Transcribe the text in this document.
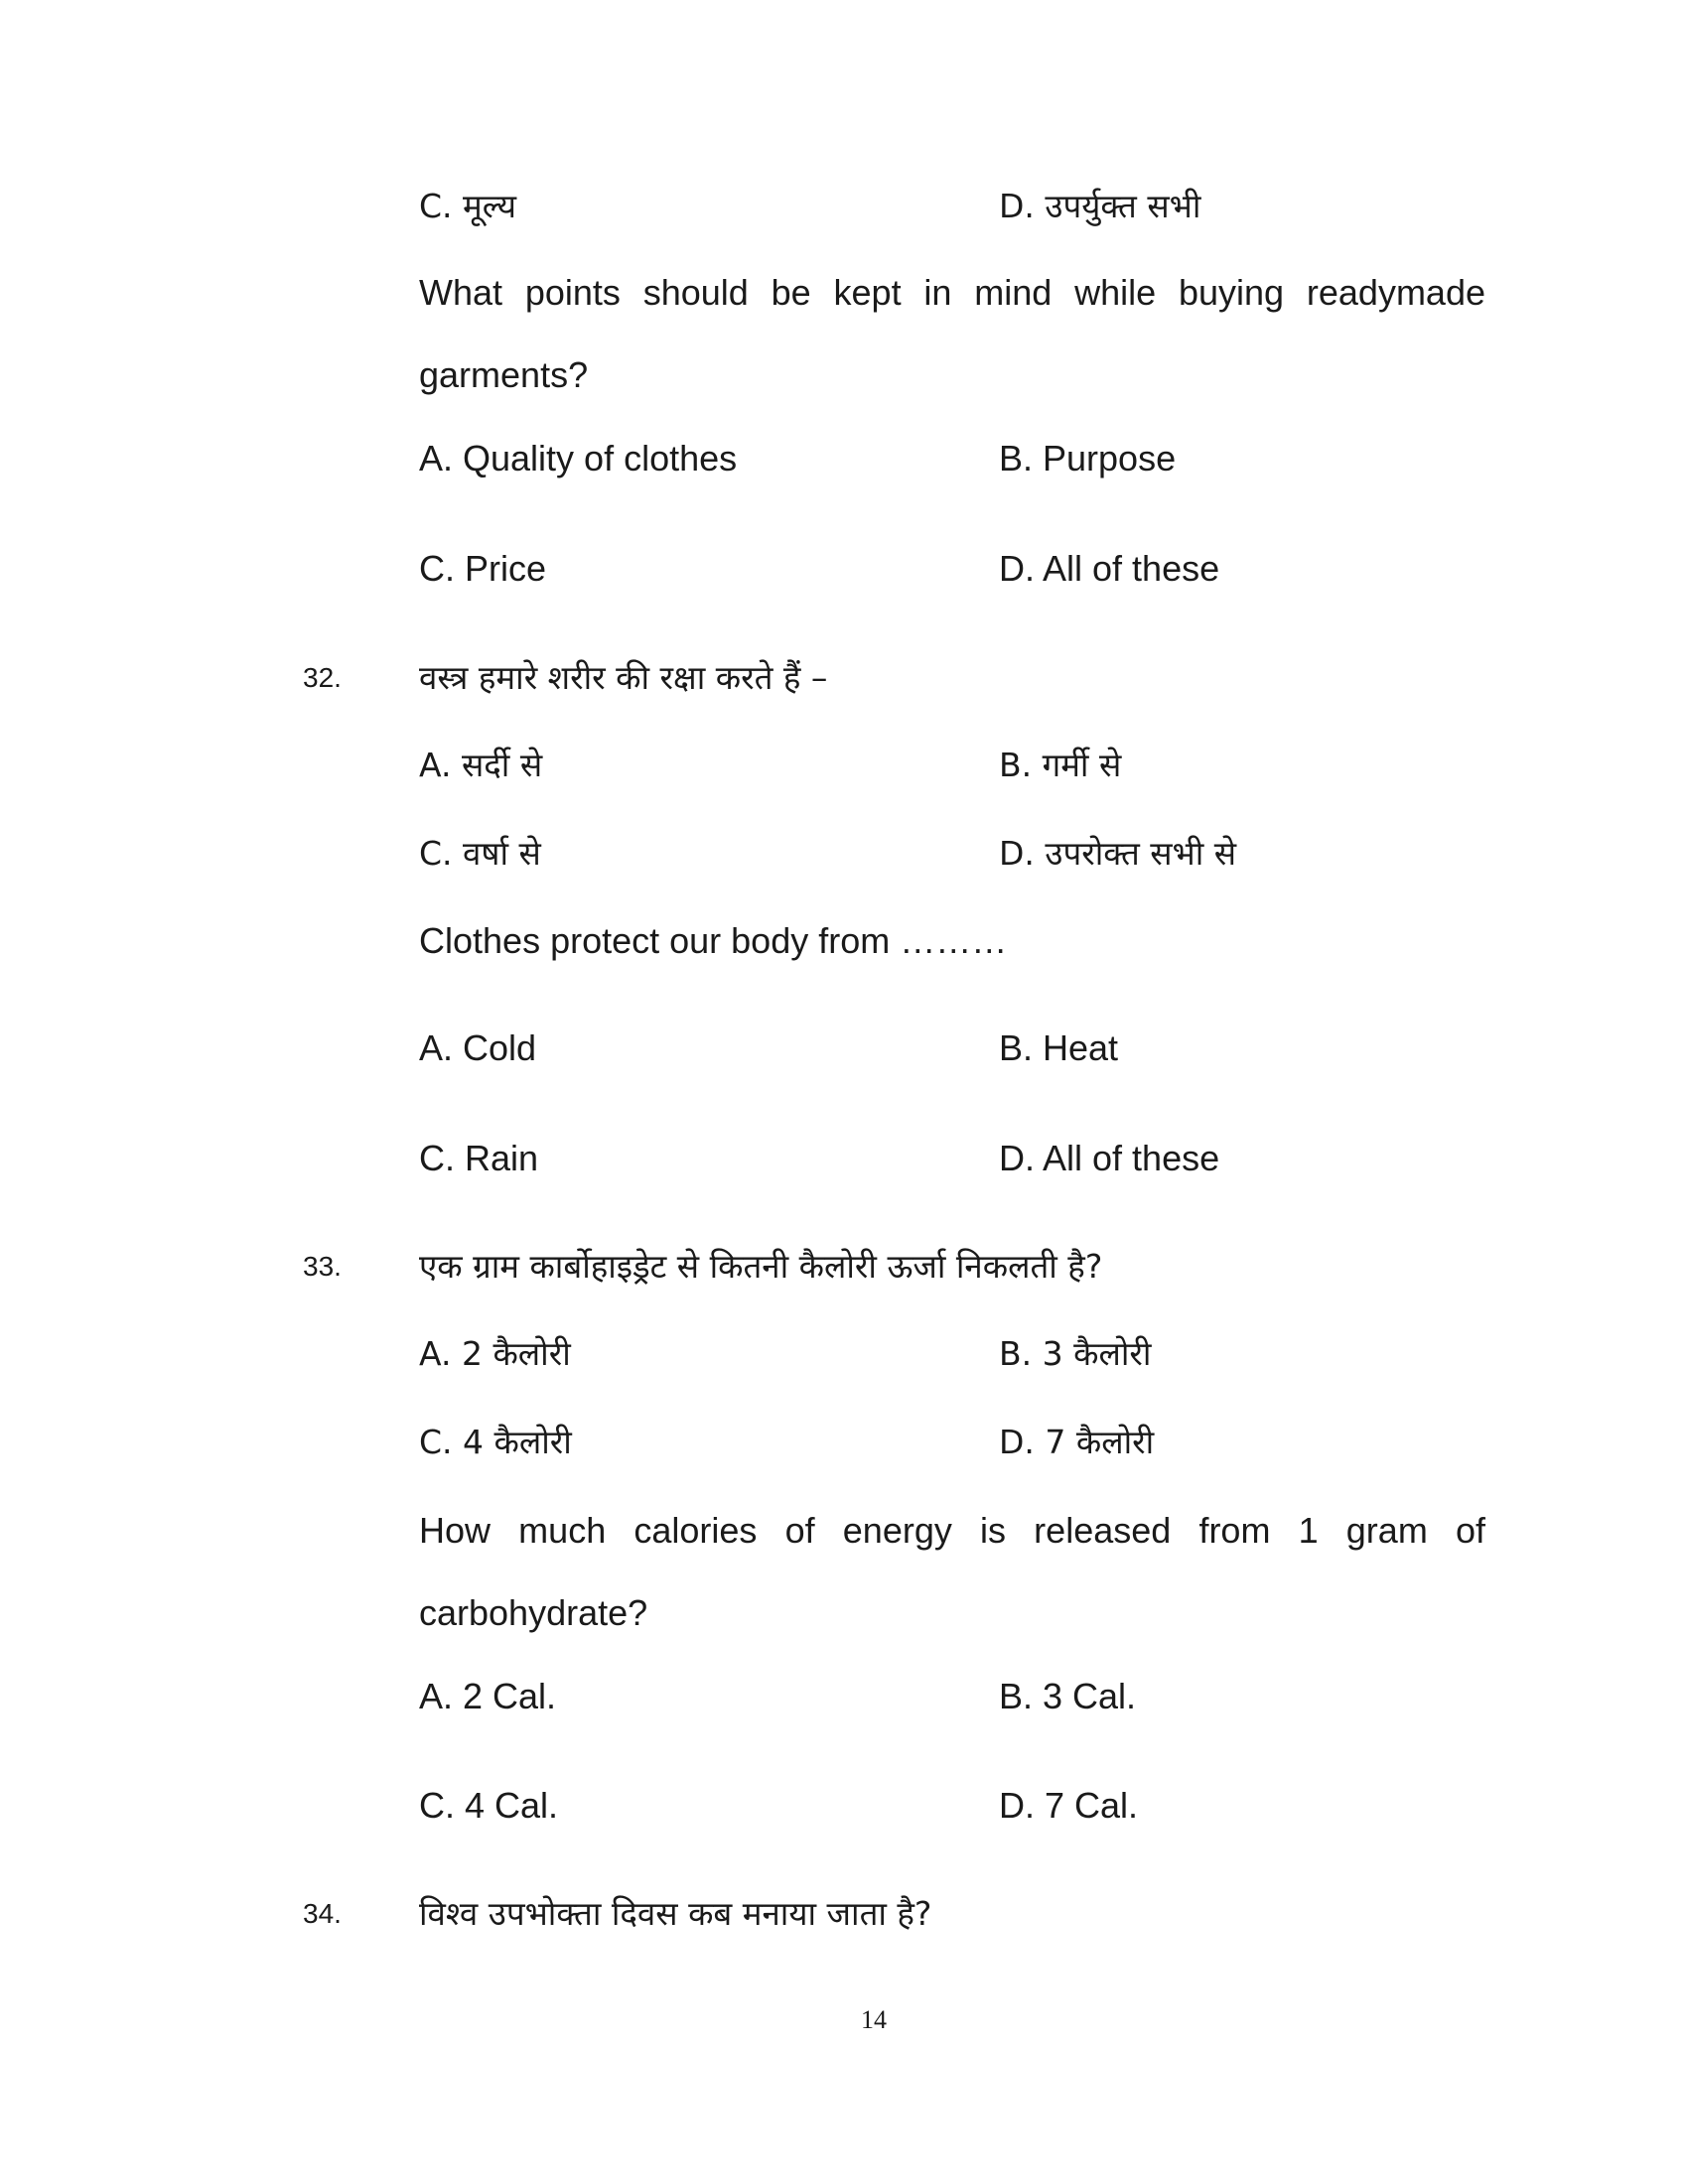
C. मूल्य	D. उपर्युक्त सभी
What points should be kept in mind while buying readymade
garments?
A. Quality of clothes	B. Purpose
C. Price	D. All of these
32. वस्त्र हमारे शरीर की रक्षा करते हैं –
A. सर्दी से	B. गर्मी से
C. वर्षा से	D. उपरोक्त सभी से
Clothes protect our body from ………
A. Cold	B. Heat
C. Rain	D. All of these
33. एक ग्राम कार्बोहाइड्रेट से कितनी कैलोरी ऊर्जा निकलती है?
A. 2 कैलोरी	B. 3 कैलोरी
C. 4 कैलोरी	D. 7 कैलोरी
How much calories of energy is released from 1 gram of
carbohydrate?
A. 2 Cal.	B. 3 Cal.
C. 4 Cal.	D. 7 Cal.
34. विश्व उपभोक्ता दिवस कब मनाया जाता है?
14
